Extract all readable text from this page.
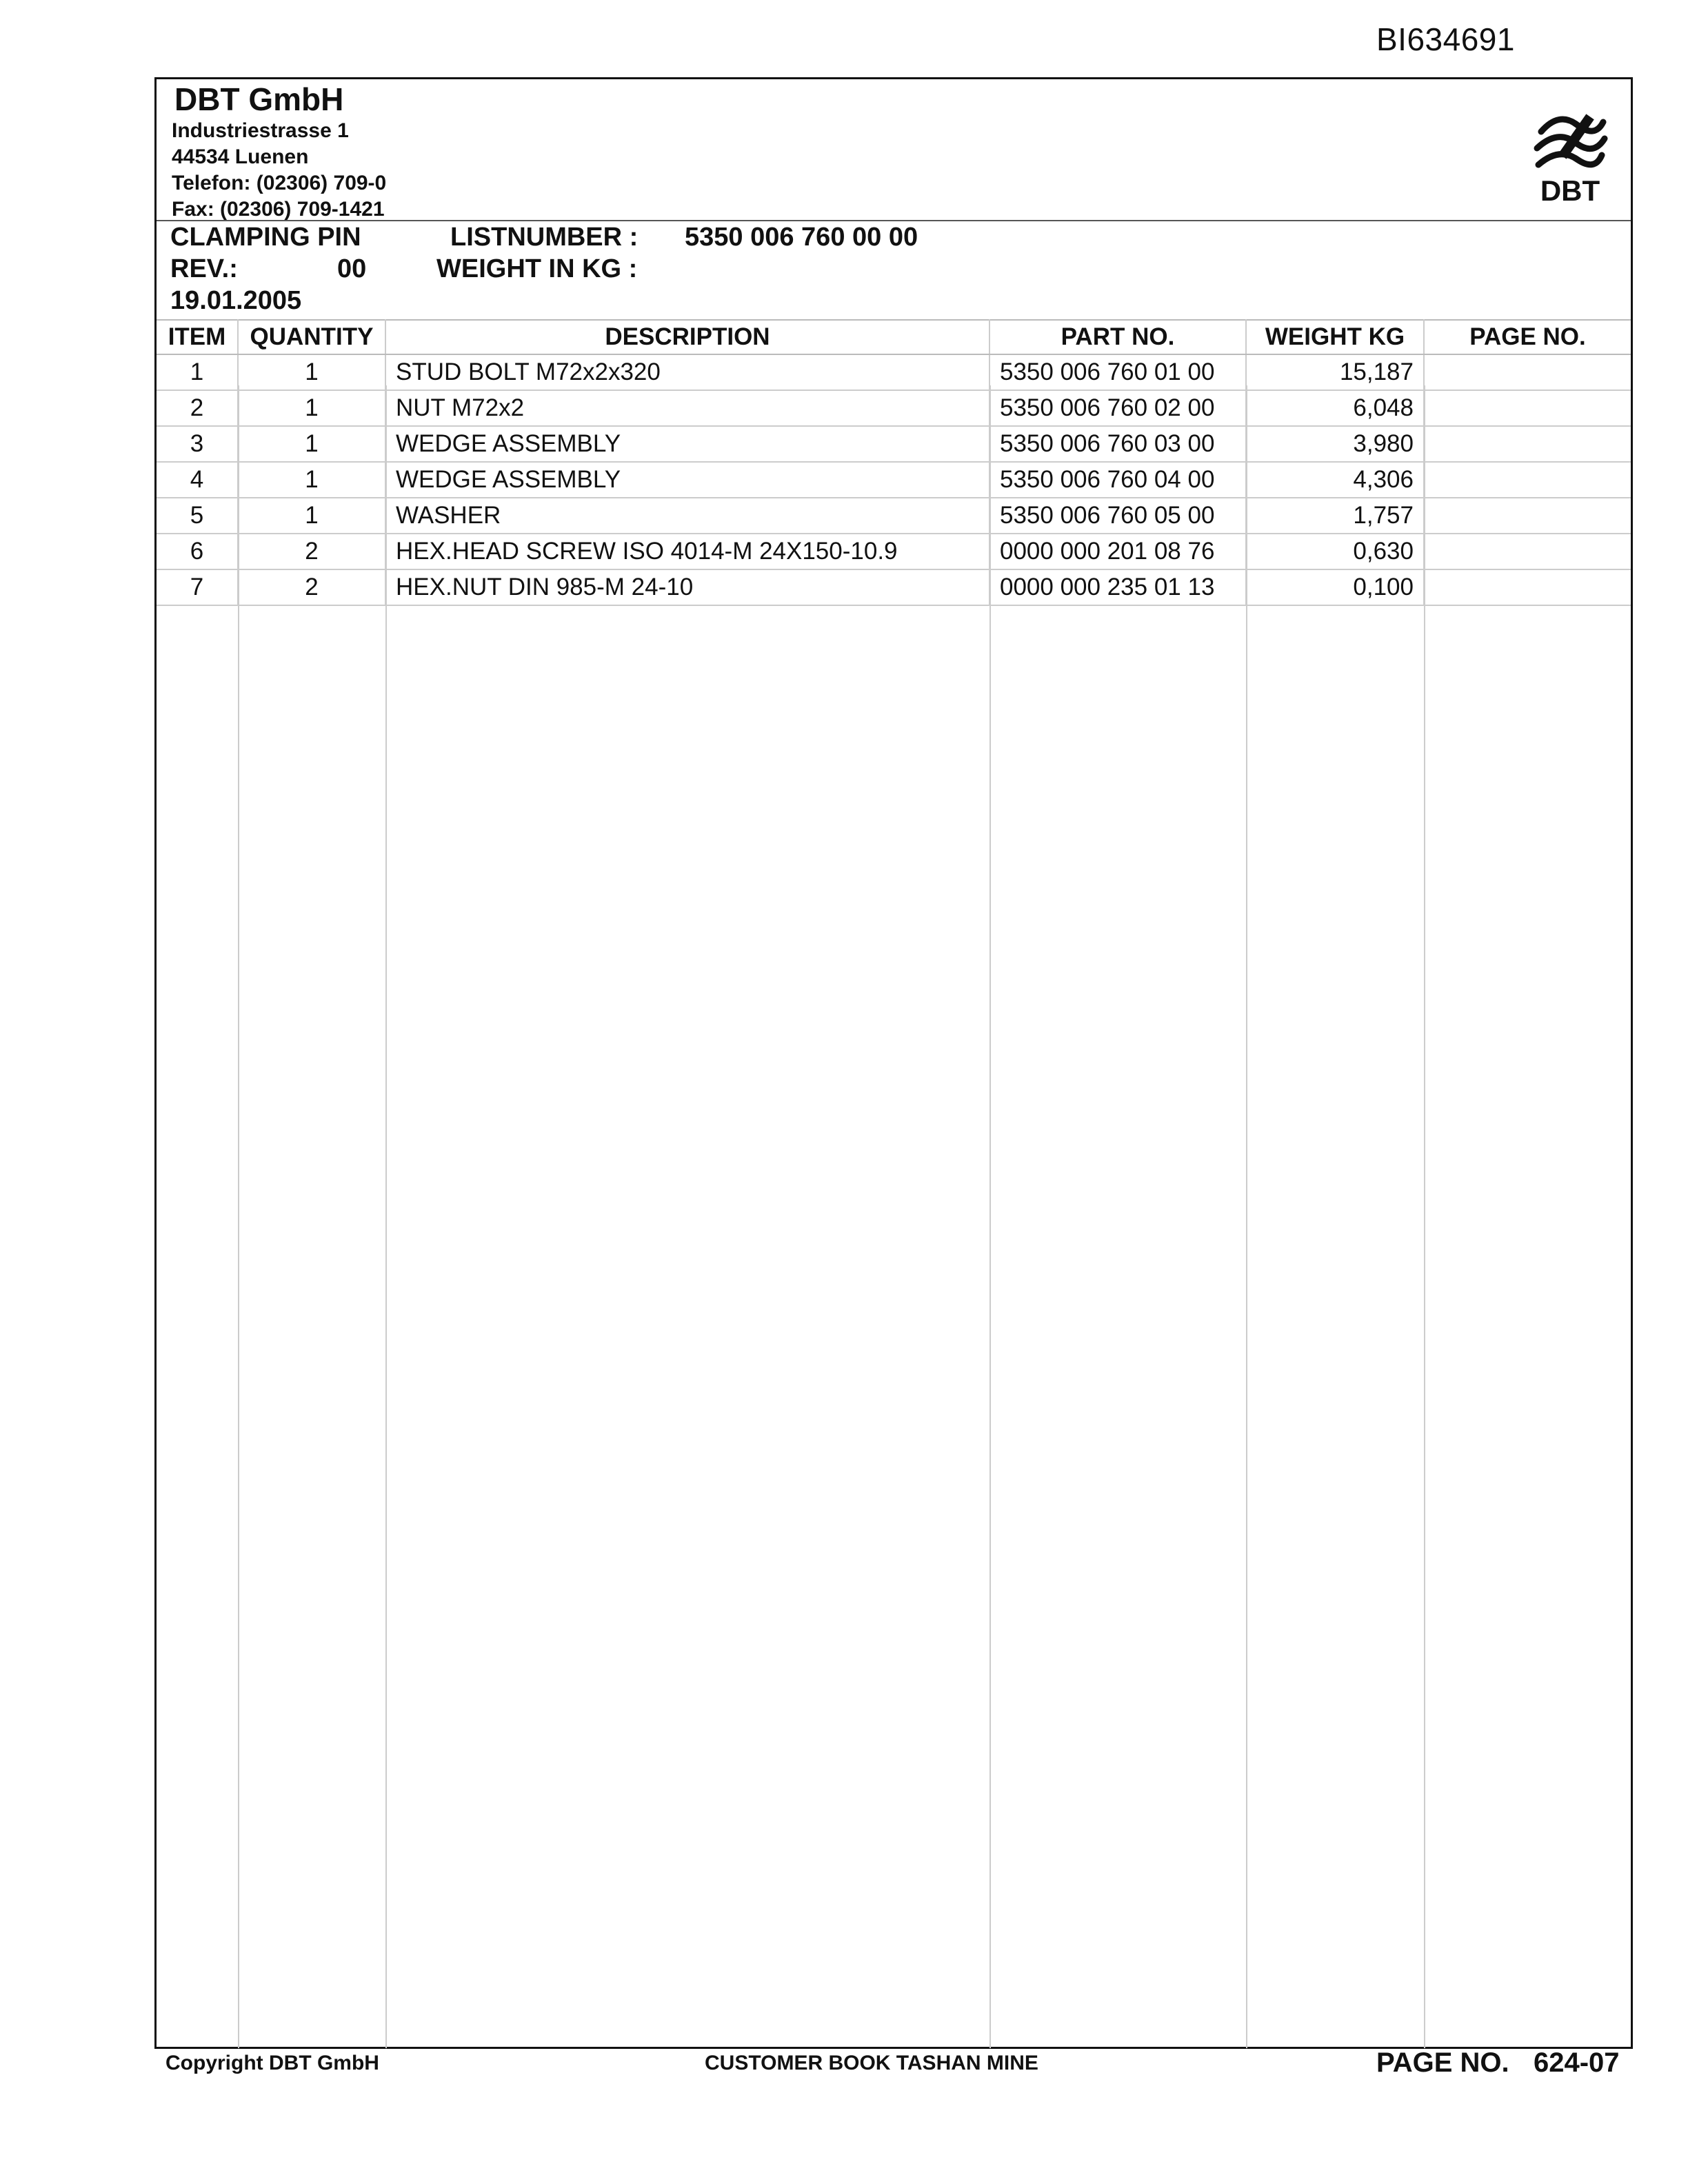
BI634691
DBT GmbH
Industriestrasse 1
44534 Luenen
Telefon: (02306) 709-0
Fax: (02306) 709-1421
DBT
CLAMPING PIN	LISTNUMBER : 5350 006 760 00 00
REV.:	00	WEIGHT IN KG :
19.01.2005
ITEM	QUANTITY	DESCRIPTION	PART NO.	WEIGHT KG	PAGE NO.
1	1	STUD BOLT M72x2x320	5350 006 760 01 00	15,187	
2	1	NUT M72x2	5350 006 760 02 00	6,048	
3	1	WEDGE ASSEMBLY	5350 006 760 03 00	3,980	
4	1	WEDGE ASSEMBLY	5350 006 760 04 00	4,306	
5	1	WASHER	5350 006 760 05 00	1,757	
6	2	HEX.HEAD SCREW ISO 4014-M 24X150-10.9	0000 000 201 08 76	0,630	
7	2	HEX.NUT DIN 985-M 24-10	0000 000 235 01 13	0,100	
Copyright DBT GmbH	CUSTOMER BOOK TASHAN MINE	PAGE NO. 624-07
